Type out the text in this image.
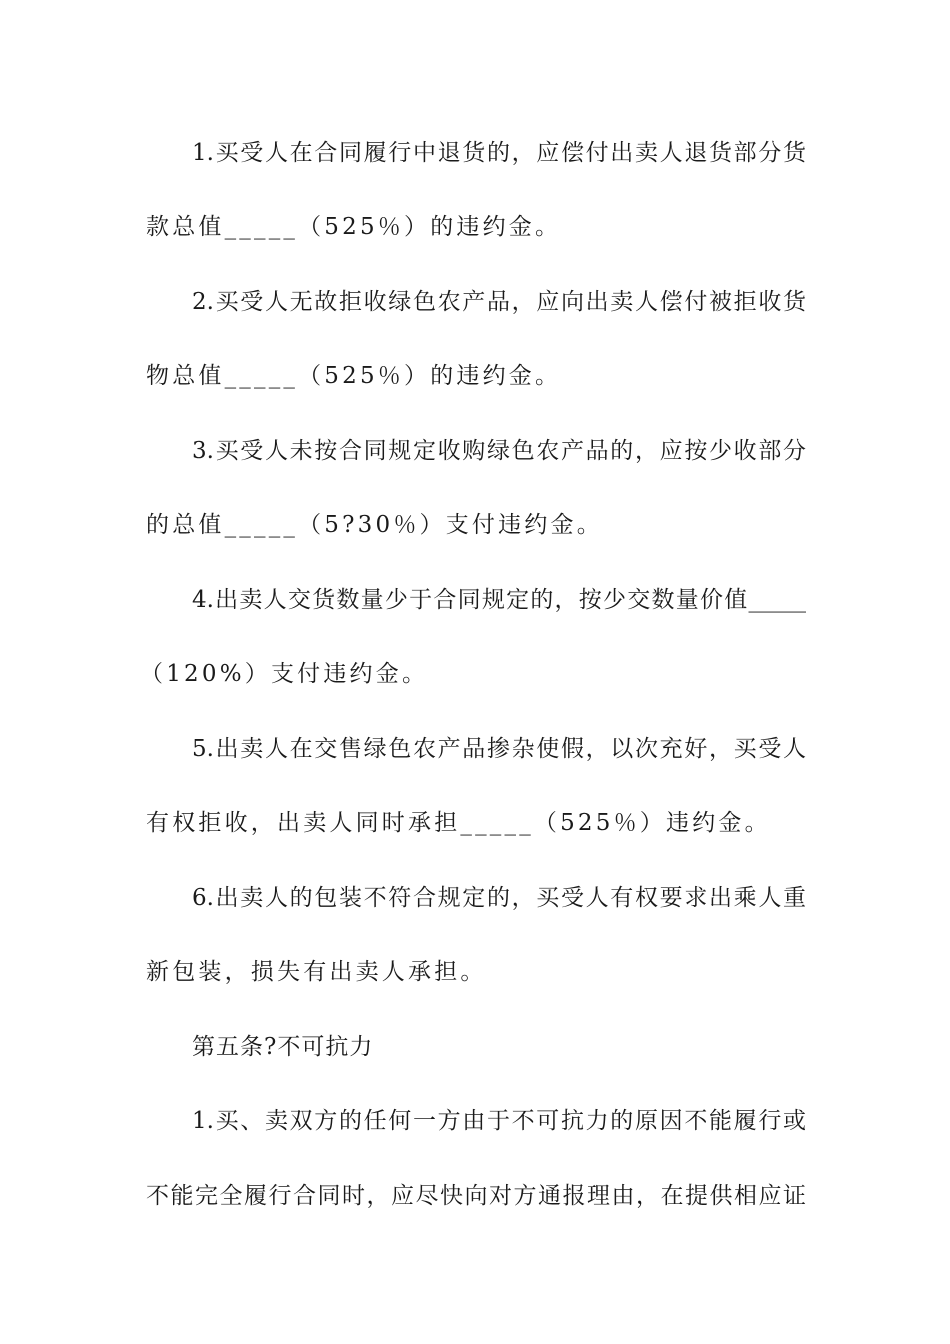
1.买受人在合同履行中退货的，应偿付出卖人退货部分货
款总值_____（525％）的违约金。
2.买受人无故拒收绿色农产品，应向出卖人偿付被拒收货
物总值_____（525％）的违约金。
3.买受人未按合同规定收购绿色农产品的，应按少收部分
的总值_____（5?30％）支付违约金。
4.出卖人交货数量少于合同规定的，按少交数量价值_____
（120%）支付违约金。
5.出卖人在交售绿色农产品掺杂使假，以次充好，买受人
有权拒收，出卖人同时承担_____（525％）违约金。
6.出卖人的包装不符合规定的，买受人有权要求出乘人重
新包装，损失有出卖人承担。
第五条?不可抗力
1.买、卖双方的任何一方由于不可抗力的原因不能履行或
不能完全履行合同时，应尽快向对方通报理由，在提供相应证
